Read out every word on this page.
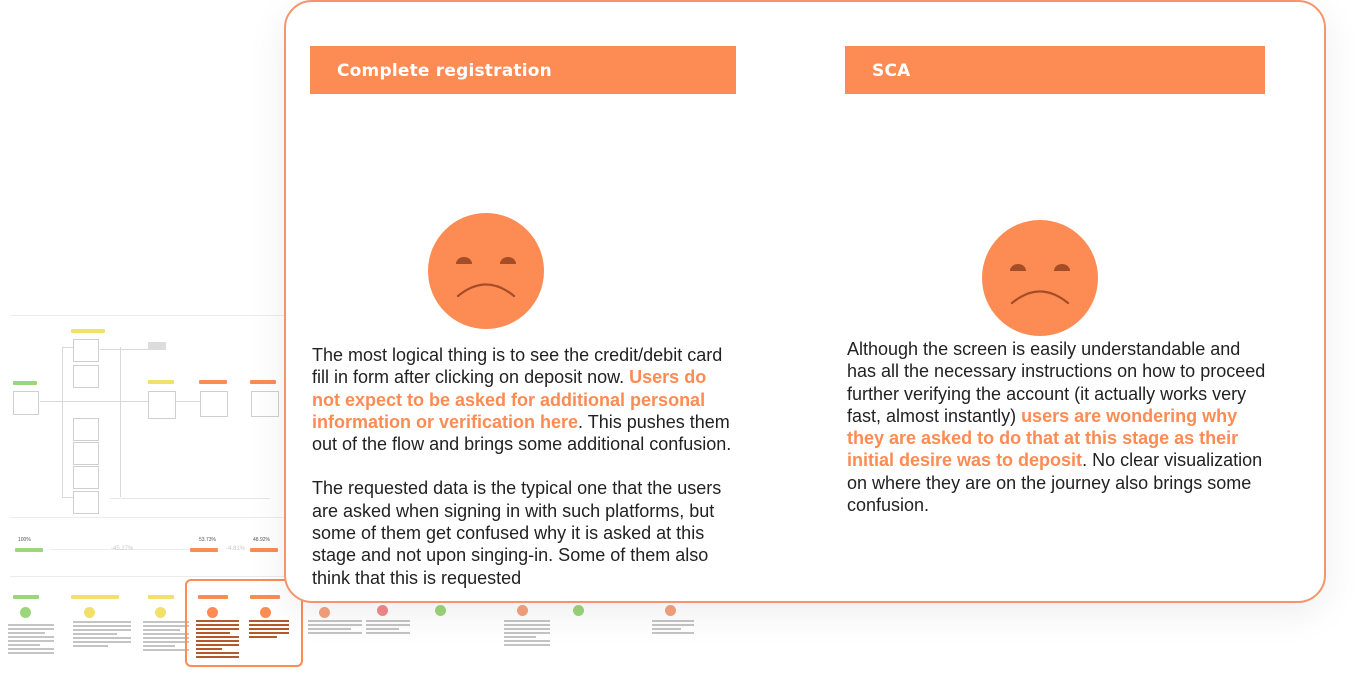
100%
-45.27%
53.73%
-4.81%
48.92%
Complete registration

The most logical thing is to see the credit/debit card fill in form after clicking on deposit now. Users do not expect to be asked for additional personal information or verification here. This pushes them out of the flow and brings some additional confusion.

The requested data is the typical one that the users are asked when signing in with such platforms, but some of them get confused why it is asked at this stage and not upon singing-in. Some of them also think that this is requested

SCA

Although the screen is easily understandable and has all the necessary instructions on how to proceed further verifying the account (it actually works very fast, almost instantly) users are wondering why they are asked to do that at this stage as their initial desire was to deposit. No clear visualization on where they are on the journey also brings some confusion.
